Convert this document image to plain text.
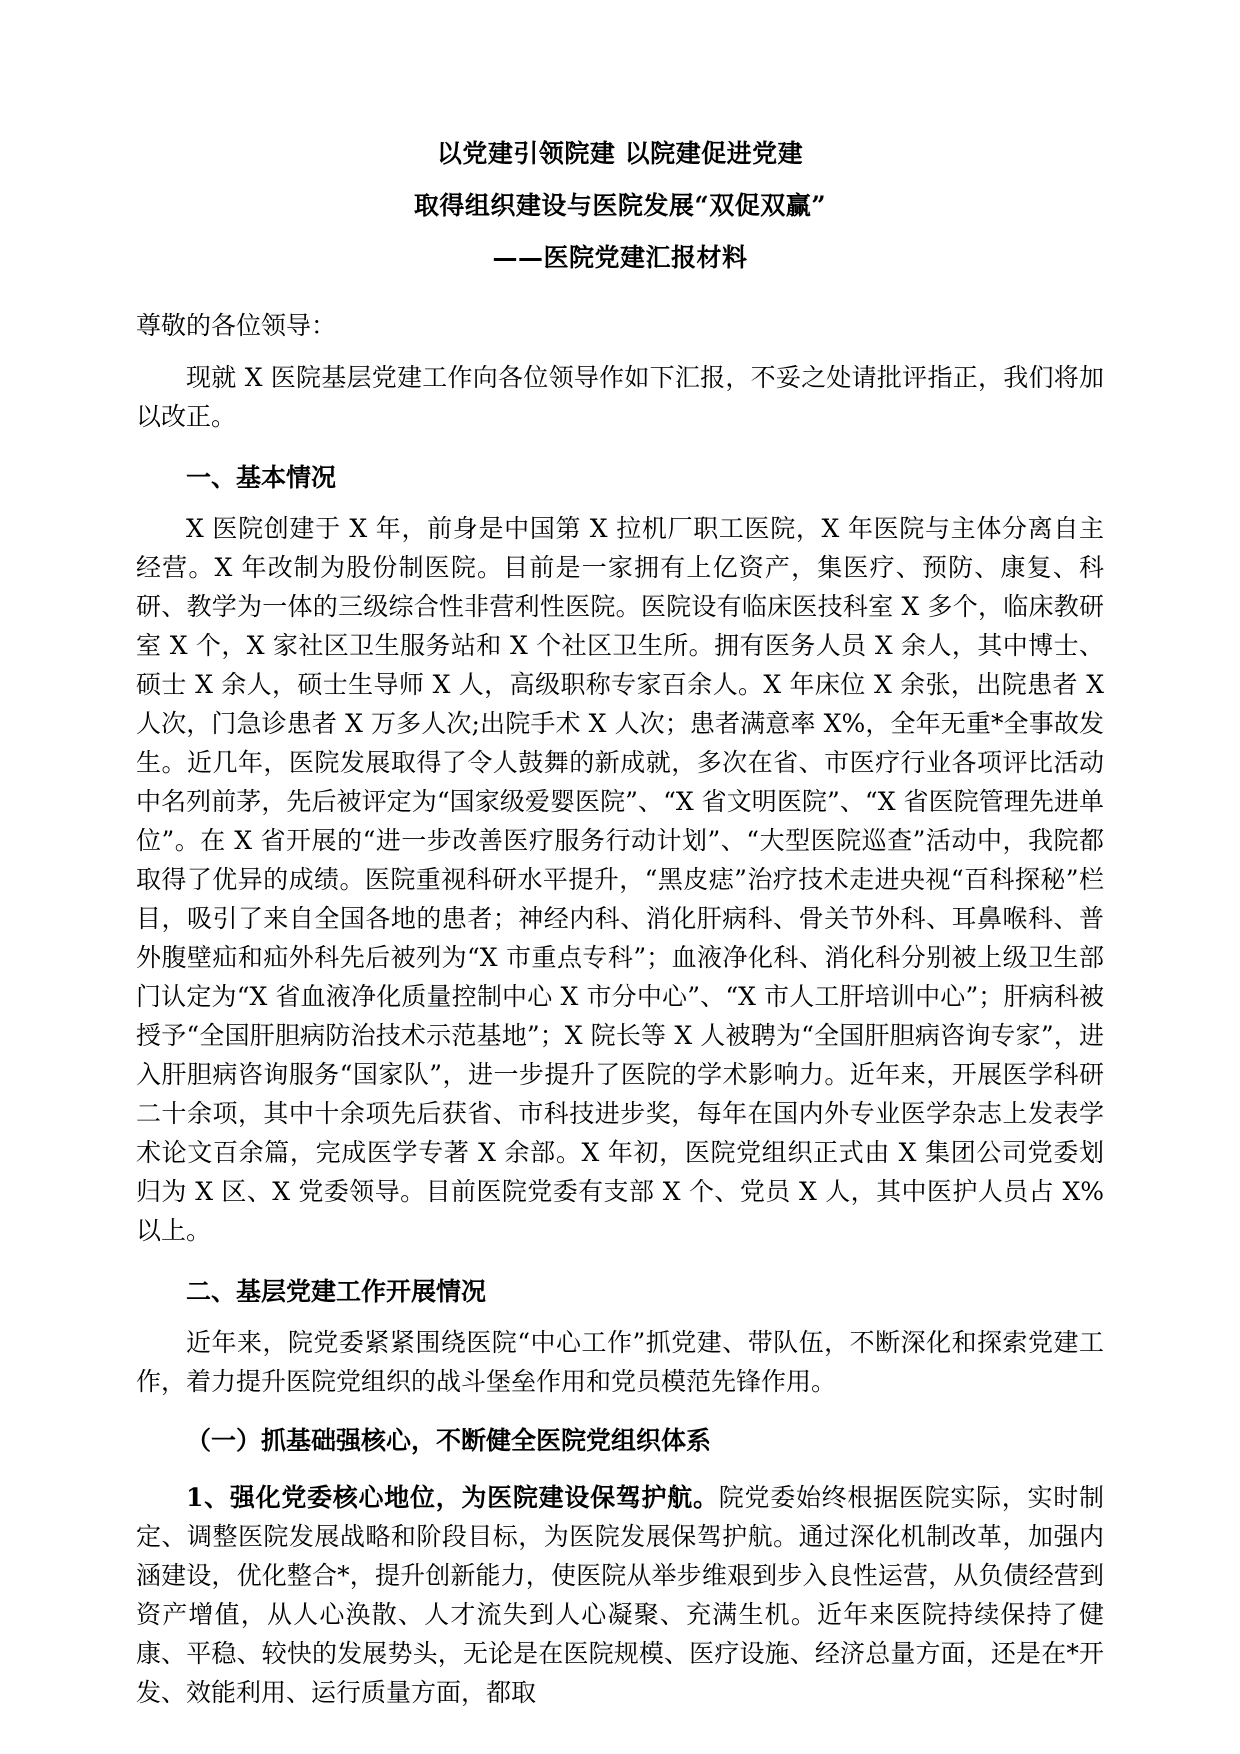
以党建引领院建 以院建促进党建
取得组织建设与医院发展“双促双赢”
——医院党建汇报材料
尊敬的各位领导：

现就 X 医院基层党建工作向各位领导作如下汇报，不妥之处请批评指正，我们将加以改正。

一、基本情况

X 医院创建于 X 年，前身是中国第 X 拉机厂职工医院，X 年医院与主体分离自主经营。X 年改制为股份制医院。目前是一家拥有上亿资产，集医疗、预防、康复、科研、教学为一体的三级综合性非营利性医院。医院设有临床医技科室 X 多个，临床教研室 X 个，X 家社区卫生服务站和 X 个社区卫生所。拥有医务人员 X 余人，其中博士、硕士 X 余人，硕士生导师 X 人，高级职称专家百余人。X 年床位 X 余张，出院患者 X 人次，门急诊患者 X 万多人次;出院手术 X 人次；患者满意率 X%，全年无重*全事故发生。近几年，医院发展取得了令人鼓舞的新成就，多次在省、市医疗行业各项评比活动中名列前茅，先后被评定为“国家级爱婴医院”、“X 省文明医院”、“X 省医院管理先进单位”。在 X 省开展的“进一步改善医疗服务行动计划”、“大型医院巡查”活动中，我院都取得了优异的成绩。医院重视科研水平提升，“黑皮痣”治疗技术走进央视“百科探秘”栏目，吸引了来自全国各地的患者；神经内科、消化肝病科、骨关节外科、耳鼻喉科、普外腹壁疝和疝外科先后被列为“X 市重点专科”；血液净化科、消化科分别被上级卫生部门认定为“X 省血液净化质量控制中心 X 市分中心”、“X 市人工肝培训中心”；肝病科被授予“全国肝胆病防治技术示范基地”；X 院长等 X 人被聘为“全国肝胆病咨询专家”，进入肝胆病咨询服务“国家队”，进一步提升了医院的学术影响力。近年来，开展医学科研二十余项，其中十余项先后获省、市科技进步奖，每年在国内外专业医学杂志上发表学术论文百余篇，完成医学专著 X 余部。X 年初，医院党组织正式由 X 集团公司党委划归为 X 区、X 党委领导。目前医院党委有支部 X 个、党员 X 人，其中医护人员占 X%以上。

二、基层党建工作开展情况

近年来，院党委紧紧围绕医院“中心工作”抓党建、带队伍，不断深化和探索党建工作，着力提升医院党组织的战斗堡垒作用和党员模范先锋作用。

（一）抓基础强核心，不断健全医院党组织体系

1、强化党委核心地位，为医院建设保驾护航。院党委始终根据医院实际，实时制定、调整医院发展战略和阶段目标，为医院发展保驾护航。通过深化机制改革，加强内涵建设，优化整合*，提升创新能力，使医院从举步维艰到步入良性运营，从负债经营到资产增值，从人心涣散、人才流失到人心凝聚、充满生机。近年来医院持续保持了健康、平稳、较快的发展势头，无论是在医院规模、医疗设施、经济总量方面，还是在*开发、效能利用、运行质量方面，都取
